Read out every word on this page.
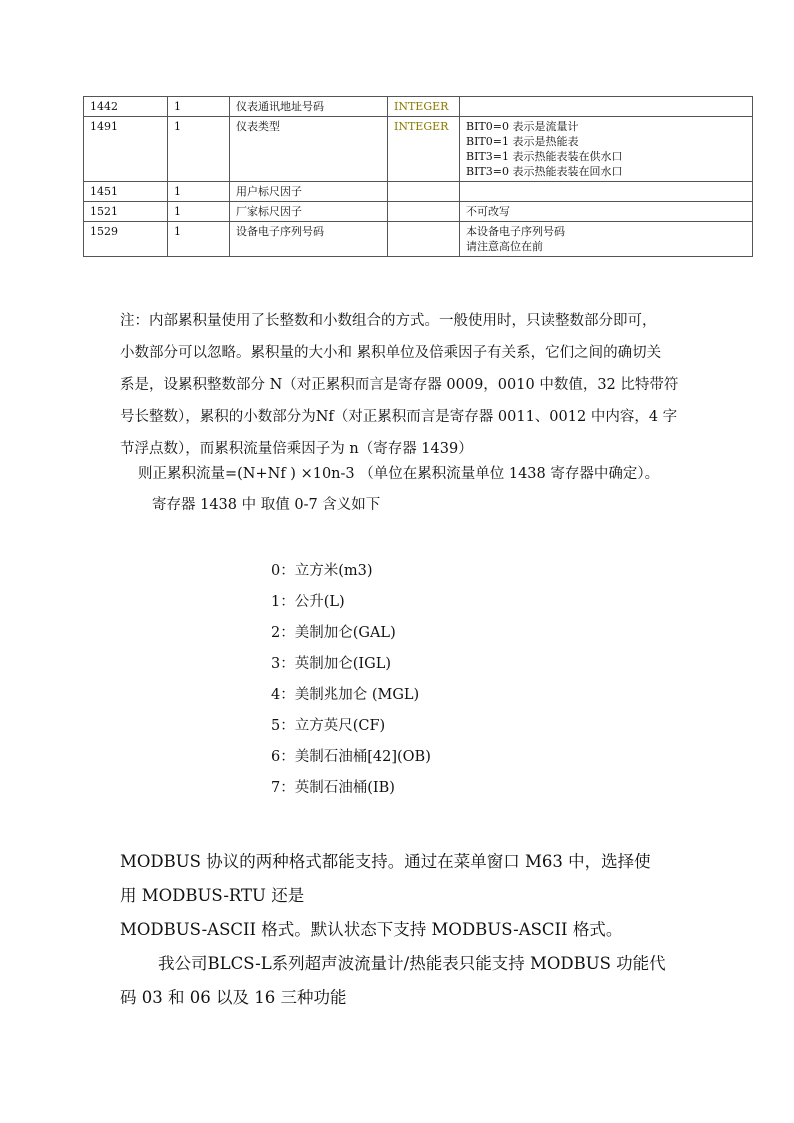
1442	1	仪表通讯地址号码	INTEGER	
1491	1	仪表类型	INTEGER	BIT0=0 表示是流量计
BIT0=1 表示是热能表
BIT3=1 表示热能表装在供水口
BIT3=0 表示热能表装在回水口

1451	1	用户标尺因子		
1521	1	厂家标尺因子		不可改写

1529	1	设备电子序列号码		本设备电子序列号码
请注意高位在前

注：内部累积量使用了长整数和小数组合的方式。一般使用时，只读整数部分即可，

小数部分可以忽略。累积量的大小和 累积单位及倍乘因子有关系，它们之间的确切关

系是，设累积整数部分 N（对正累积而言是寄存器 0009，0010 中数值，32 比特带符

号长整数），累积的小数部分为Nf（对正累积而言是寄存器 0011、0012 中内容，4 字

节浮点数），而累积流量倍乘因子为 n（寄存器 1439）

则正累积流量=(N+Nf ) ×10n-3 （单位在累积流量单位 1438 寄存器中确定）。
寄存器 1438 中 取值 0-7 含义如下
0：立方米(m3)
1：公升(L)
2：美制加仑(GAL)
3：英制加仑(IGL)
4：美制兆加仑 (MGL)
5：立方英尺(CF)
6：美制石油桶[42](OB)
7：英制石油桶(IB)

MODBUS 协议的两种格式都能支持。通过在菜单窗口 M63 中，选择使

用 MODBUS-RTU 还是

MODBUS-ASCII 格式。默认状态下支持 MODBUS-ASCII 格式。

我公司BLCS-L系列超声波流量计/热能表只能支持 MODBUS 功能代

码 03 和 06 以及 16 三种功能
